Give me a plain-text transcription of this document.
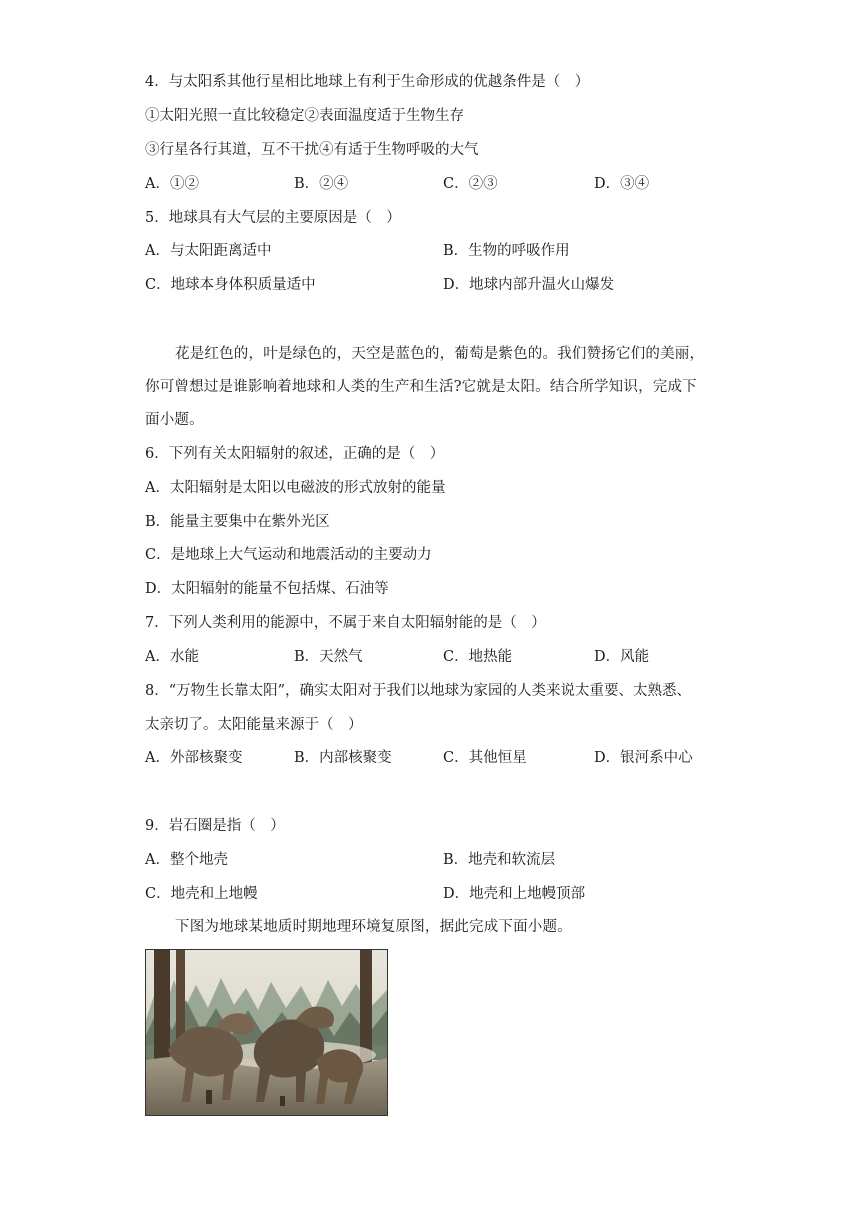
4．与太阳系其他行星相比地球上有利于生命形成的优越条件是（　）
①太阳光照一直比较稳定②表面温度适于生物生存
③行星各行其道，互不干扰④有适于生物呼吸的大气
A．①②	B．②④	C．②③	D．③④
5．地球具有大气层的主要原因是（　）
A．与太阳距离适中	B．生物的呼吸作用
C．地球本身体积质量适中	D．地球内部升温火山爆发
花是红色的，叶是绿色的，天空是蓝色的，葡萄是紫色的。我们赞扬它们的美丽，
你可曾想过是谁影响着地球和人类的生产和生活?它就是太阳。结合所学知识，完成下
面小题。
6．下列有关太阳辐射的叙述，正确的是（　）
A．太阳辐射是太阳以电磁波的形式放射的能量
B．能量主要集中在紫外光区
C．是地球上大气运动和地震活动的主要动力
D．太阳辐射的能量不包括煤、石油等
7．下列人类利用的能源中，不属于来自太阳辐射能的是（　）
A．水能	B．天然气	C．地热能	D．风能
8．“万物生长靠太阳”，确实太阳对于我们以地球为家园的人类来说太重要、太熟悉、
太亲切了。太阳能量来源于（　）
A．外部核聚变	B．内部核聚变	C．其他恒星	D．银河系中心
9．岩石圈是指（　）
A．整个地壳	B．地壳和软流层
C．地壳和上地幔	D．地壳和上地幔顶部
下图为地球某地质时期地理环境复原图，据此完成下面小题。
